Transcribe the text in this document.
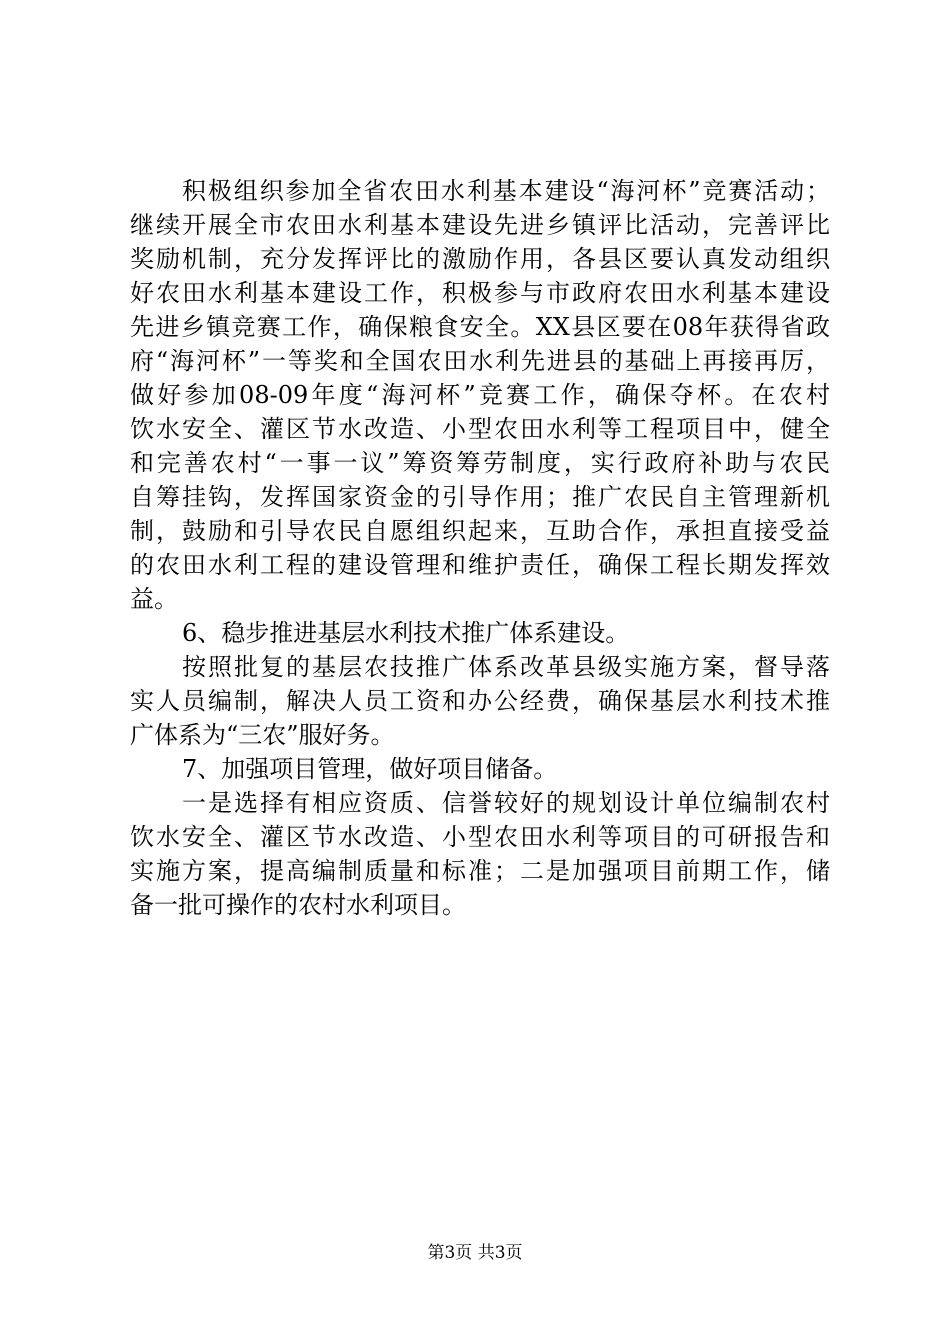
积极组织参加全省农田水利基本建设“海河杯”竞赛活动；
继续开展全市农田水利基本建设先进乡镇评比活动，完善评比
奖励机制，充分发挥评比的激励作用，各县区要认真发动组织
好农田水利基本建设工作，积极参与市政府农田水利基本建设
先进乡镇竞赛工作，确保粮食安全。XX县区要在08年获得省政
府“海河杯”一等奖和全国农田水利先进县的基础上再接再厉，
做好参加08-09年度“海河杯”竞赛工作，确保夺杯。在农村
饮水安全、灌区节水改造、小型农田水利等工程项目中，健全
和完善农村“一事一议”筹资筹劳制度，实行政府补助与农民
自筹挂钩，发挥国家资金的引导作用；推广农民自主管理新机
制，鼓励和引导农民自愿组织起来，互助合作，承担直接受益
的农田水利工程的建设管理和维护责任，确保工程长期发挥效
益。
6、稳步推进基层水利技术推广体系建设。
按照批复的基层农技推广体系改革县级实施方案，督导落
实人员编制，解决人员工资和办公经费，确保基层水利技术推
广体系为“三农”服好务。
7、加强项目管理，做好项目储备。
一是选择有相应资质、信誉较好的规划设计单位编制农村
饮水安全、灌区节水改造、小型农田水利等项目的可研报告和
实施方案，提高编制质量和标准；二是加强项目前期工作，储
备一批可操作的农村水利项目。
第3页 共3页
